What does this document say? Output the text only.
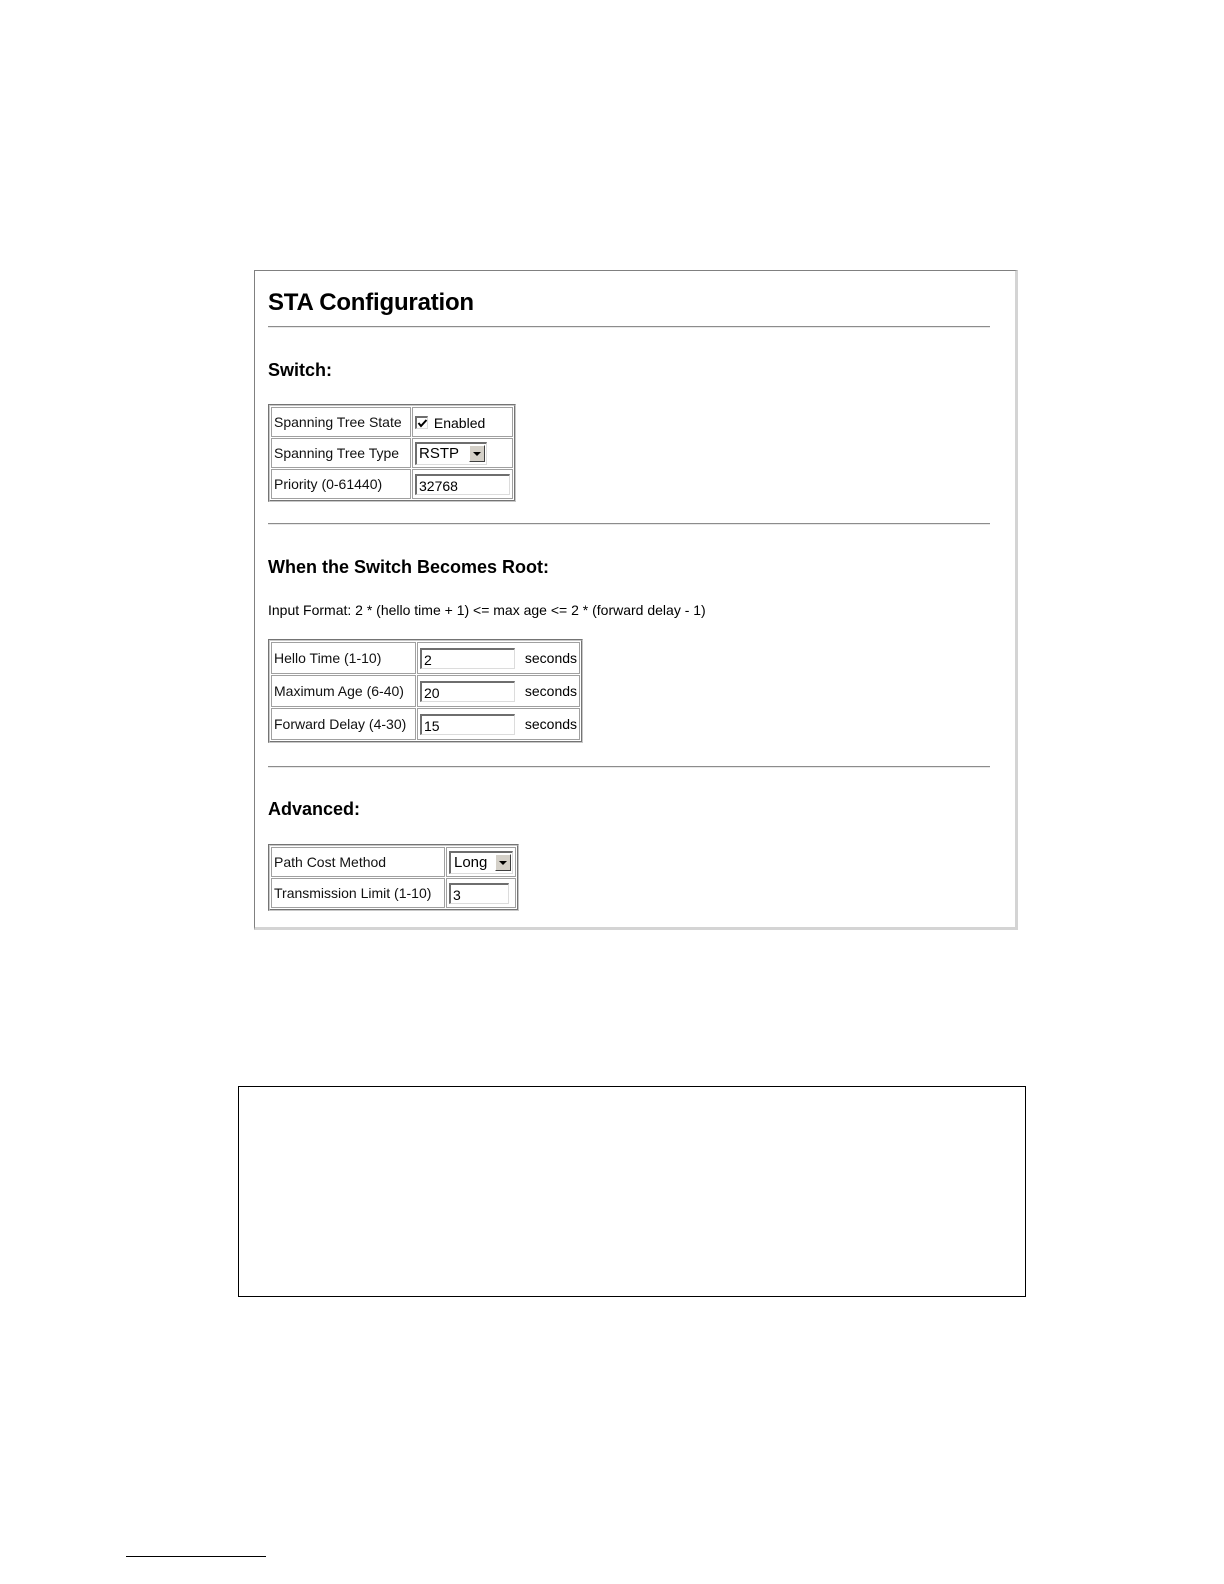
STA Configuration
Switch:
Spanning Tree State	Enabled
Spanning Tree Type	RSTP

Priority (0-61440)	32768
When the Switch Becomes Root:
Input Format: 2 * (hello time + 1) <= max age <= 2 * (forward delay - 1)
Hello Time (1-10)	2 seconds
Maximum Age (6-40)	20 seconds
Forward Delay (4-30)	15 seconds
Advanced:
Path Cost Method	Long

Transmission Limit (1-10)	3
